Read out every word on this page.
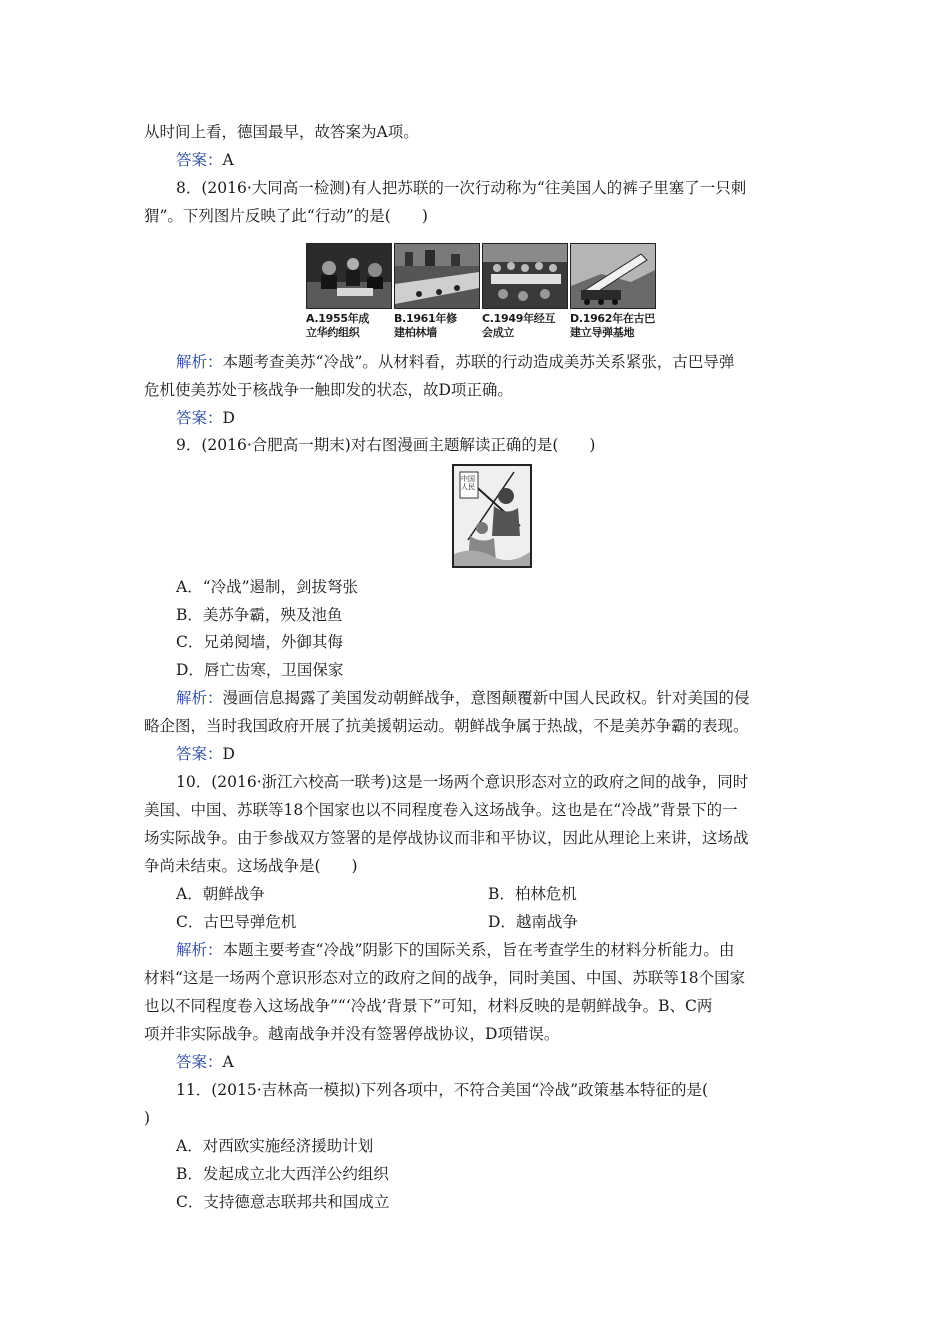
从时间上看，德国最早，故答案为A项。
答案：A
8．(2016·大同高一检测)有人把苏联的一次行动称为“往美国人的裤子里塞了一只刺
猬”。下列图片反映了此“行动”的是(　　)
A.1955年成
立华约组织
B.1961年修
建柏林墙
C.1949年经互
会成立
D.1962年在古巴
建立导弹基地
解析：本题考查美苏“冷战”。从材料看，苏联的行动造成美苏关系紧张，古巴导弹
危机使美苏处于核战争一触即发的状态，故D项正确。
答案：D
9．(2016·合肥高一期末)对右图漫画主题解读正确的是(　　)
中国人民
A．“冷战”遏制，剑拔弩张
B．美苏争霸，殃及池鱼
C．兄弟阋墙，外御其侮
D．唇亡齿寒，卫国保家
解析：漫画信息揭露了美国发动朝鲜战争，意图颠覆新中国人民政权。针对美国的侵
略企图，当时我国政府开展了抗美援朝运动。朝鲜战争属于热战，不是美苏争霸的表现。
答案：D
10．(2016·浙江六校高一联考)这是一场两个意识形态对立的政府之间的战争，同时
美国、中国、苏联等18个国家也以不同程度卷入这场战争。这也是在“冷战”背景下的一
场实际战争。由于参战双方签署的是停战协议而非和平协议，因此从理论上来讲，这场战
争尚未结束。这场战争是(　　)
A．朝鲜战争	B．柏林危机
C．古巴导弹危机	D．越南战争
解析：本题主要考查“冷战”阴影下的国际关系，旨在考查学生的材料分析能力。由
材料“这是一场两个意识形态对立的政府之间的战争，同时美国、中国、苏联等18个国家
也以不同程度卷入这场战争”“‘冷战’背景下”可知，材料反映的是朝鲜战争。B、C两
项并非实际战争。越南战争并没有签署停战协议，D项错误。
答案：A
11．(2015·吉林高一模拟)下列各项中，不符合美国“冷战”政策基本特征的是(
)
A．对西欧实施经济援助计划
B．发起成立北大西洋公约组织
C．支持德意志联邦共和国成立
